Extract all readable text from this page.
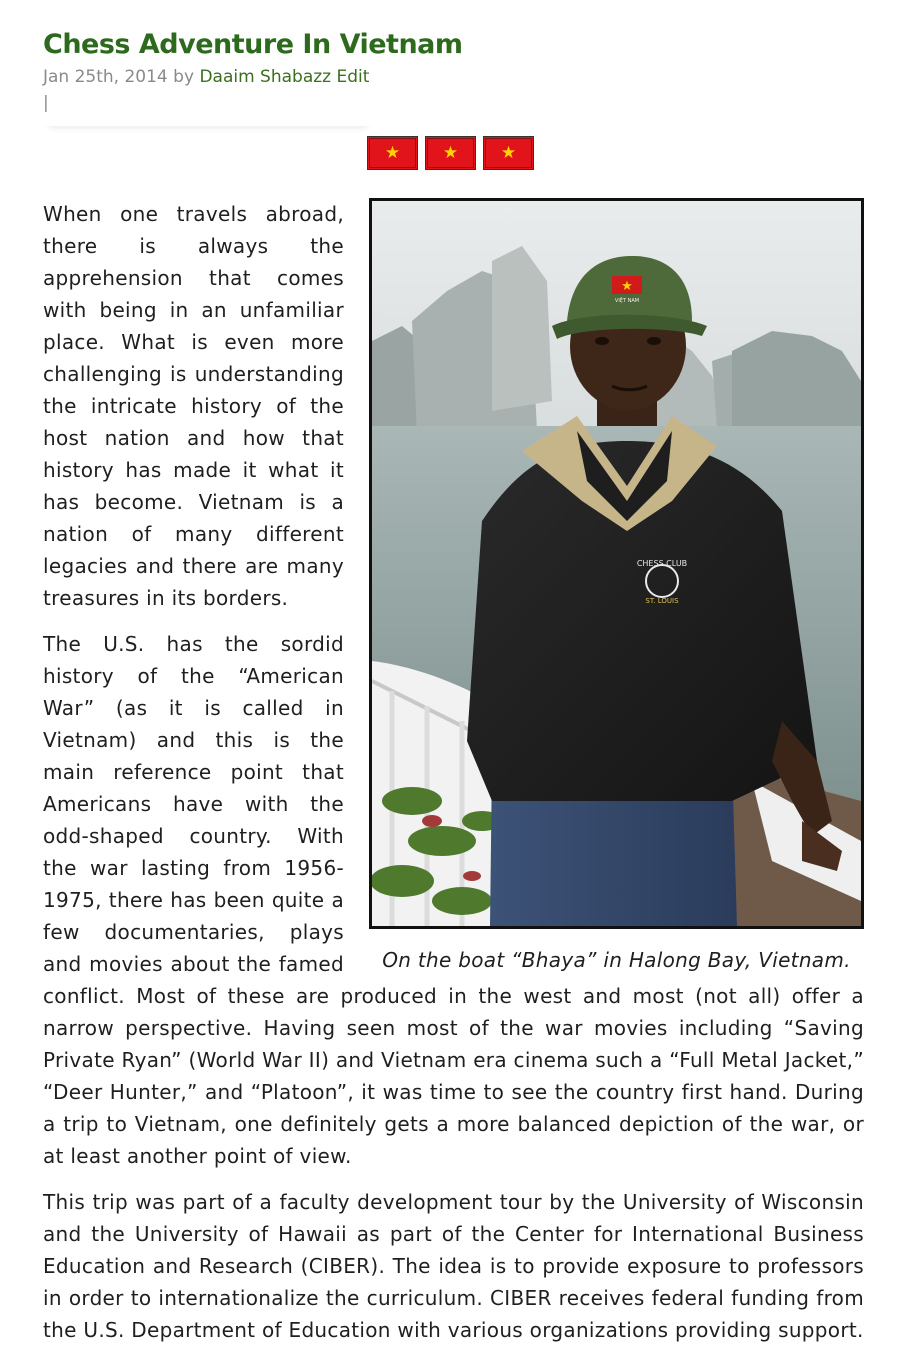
Chess Adventure In Vietnam
Jan 25th, 2014 by Daaim Shabazz Edit |
★	★	★
CHESS CLUB
ST. LOUIS
★
VIỆT NAM
On the boat “Bhaya” in Halong Bay, Vietnam.

When one travels abroad, there is always the apprehension that comes with being in an unfamiliar place. What is even more challenging is understanding the intricate history of the host nation and how that history has made it what it has become. Vietnam is a nation of many different legacies and there are many treasures in its borders.

The U.S. has the sordid history of the “American War” (as it is called in Vietnam) and this is the main reference point that Americans have with the odd-shaped country. With the war lasting from 1956-1975, there has been quite a few documentaries, plays and movies about the famed conflict. Most of these are produced in the west and most (not all) offer a narrow perspective. Having seen most of the war movies including “Saving Private Ryan” (World War II) and Vietnam era cinema such a “Full Metal Jacket,” “Deer Hunter,” and “Platoon”, it was time to see the country first hand. During a trip to Vietnam, one definitely gets a more balanced depiction of the war, or at least another point of view.

This trip was part of a faculty development tour by the University of Wisconsin and the University of Hawaii as part of the Center for International Business Education and Research (CIBER). The idea is to provide exposure to professors in order to internationalize the curriculum. CIBER receives federal funding from the U.S. Department of Education with various organizations providing support.
